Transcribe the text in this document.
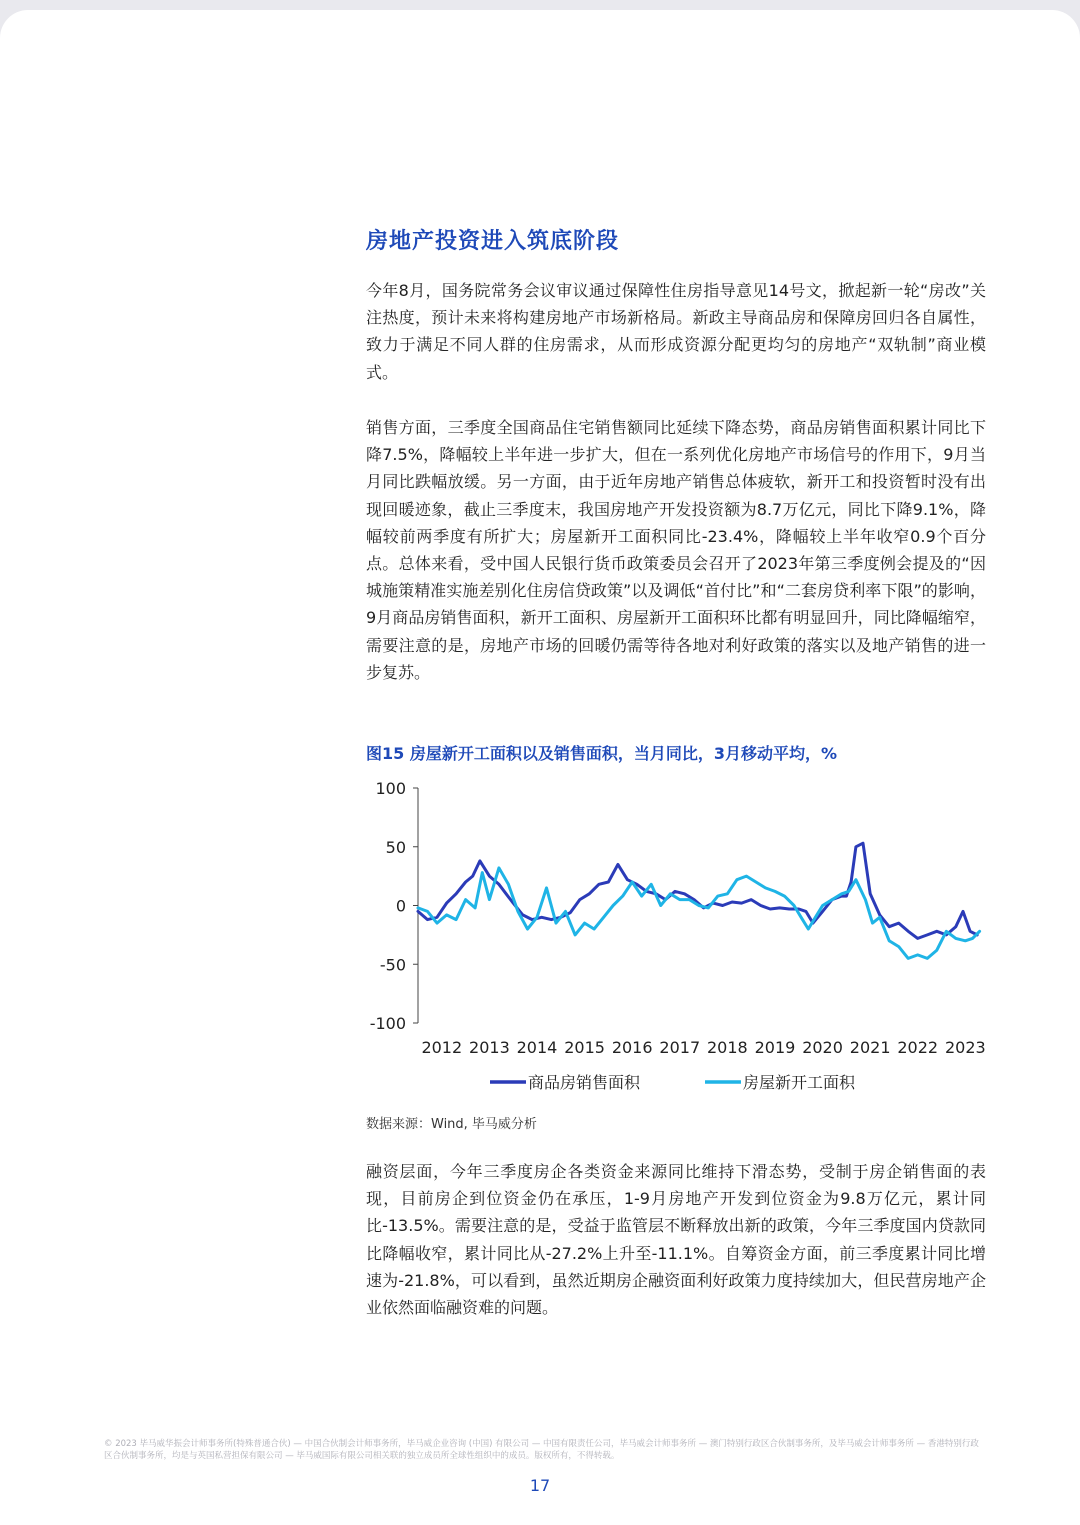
房地产投资进入筑底阶段

今年8月，国务院常务会议审议通过保障性住房指导意见14号文，掀起新一轮“房改”关注热度，预计未来将构建房地产市场新格局。新政主导商品房和保障房回归各自属性，致力于满足不同人群的住房需求，从而形成资源分配更均匀的房地产“双轨制”商业模式。

销售方面，三季度全国商品住宅销售额同比延续下降态势，商品房销售面积累计同比下降7.5%，降幅较上半年进一步扩大，但在一系列优化房地产市场信号的作用下，9月当月同比跌幅放缓。另一方面，由于近年房地产销售总体疲软，新开工和投资暂时没有出现回暖迹象，截止三季度末，我国房地产开发投资额为8.7万亿元，同比下降9.1%，降幅较前两季度有所扩大；房屋新开工面积同比-23.4%，降幅较上半年收窄0.9个百分点。总体来看，受中国人民银行货币政策委员会召开了2023年第三季度例会提及的“因城施策精准实施差别化住房信贷政策”以及调低“首付比”和“二套房贷利率下限”的影响，9月商品房销售面积，新开工面积、房屋新开工面积环比都有明显回升，同比降幅缩窄，需要注意的是，房地产市场的回暖仍需等待各地对利好政策的落实以及地产销售的进一步复苏。

图15 房屋新开工面积以及销售面积，当月同比，3月移动平均，%

100
50
0
-50
-100
2012 2013 2014 2015 2016 2017 2018 2019 2020 2021 2022 2023
商品房销售面积	房屋新开工面积

数据来源：Wind, 毕马威分析

融资层面，今年三季度房企各类资金来源同比维持下滑态势，受制于房企销售面的表现，目前房企到位资金仍在承压，1-9月房地产开发到位资金为9.8万亿元，累计同比-13.5%。需要注意的是，受益于监管层不断释放出新的政策，今年三季度国内贷款同比降幅收窄，累计同比从-27.2%上升至-11.1%。自筹资金方面，前三季度累计同比增速为-21.8%，可以看到，虽然近期房企融资面利好政策力度持续加大，但民营房地产企业依然面临融资难的问题。

© 2023 毕马威华振会计师事务所(特殊普通合伙) — 中国合伙制会计师事务所，毕马威企业咨询 (中国) 有限公司 — 中国有限责任公司，毕马威会计师事务所 — 澳门特别行政区合伙制事务所，及毕马威会计师事务所 — 香港特别行政区合伙制事务所，均是与英国私营担保有限公司 — 毕马威国际有限公司相关联的独立成员所全球性组织中的成员。版权所有，不得转载。

17
